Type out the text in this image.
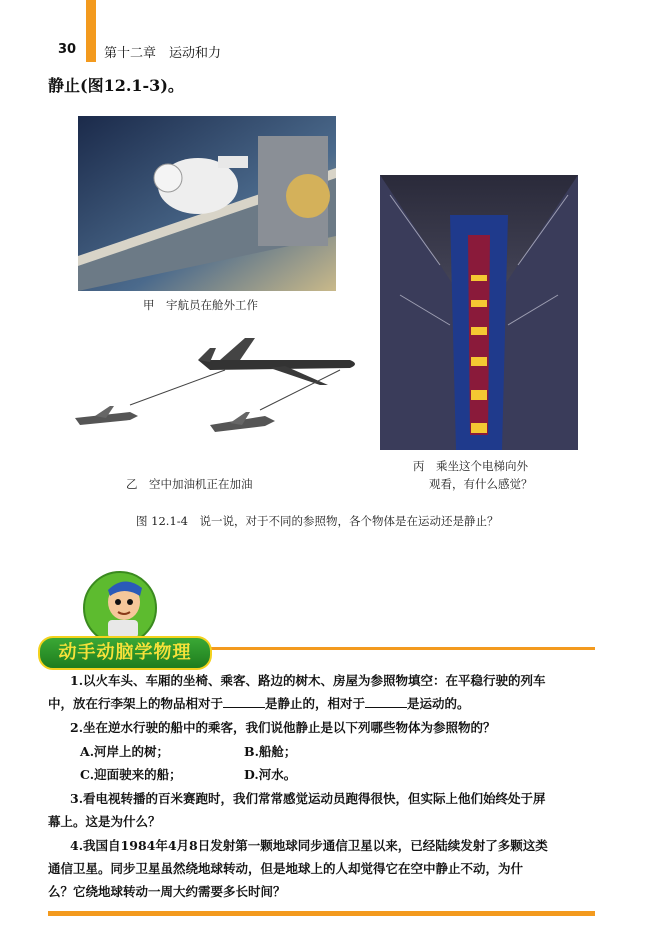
30 第十二章　运动和力
静止(图12.1-3)。
甲　宇航员在舱外工作
乙　空中加油机正在加油
丙　乘坐这个电梯向外
观看，有什么感觉？
图 12.1-4　说一说，对于不同的参照物，各个物体是在运动还是静止？
动手动脑学物理
1.以火车头、车厢的坐椅、乘客、路边的树木、房屋为参照物填空：在平稳行驶的列车
中，放在行李架上的物品相对于	是静止的，相对于	是运动的。
2.坐在逆水行驶的船中的乘客，我们说他静止是以下列哪些物体为参照物的？
A.河岸上的树；	B.船舱；
C.迎面驶来的船；	D.河水。
3.看电视转播的百米赛跑时，我们常常感觉运动员跑得很快，但实际上他们始终处于屏
幕上。这是为什么？
4.我国自1984年4月8日发射第一颗地球同步通信卫星以来，已经陆续发射了多颗这类
通信卫星。同步卫星虽然绕地球转动，但是地球上的人却觉得它在空中静止不动，为什
么？它绕地球转动一周大约需要多长时间？
